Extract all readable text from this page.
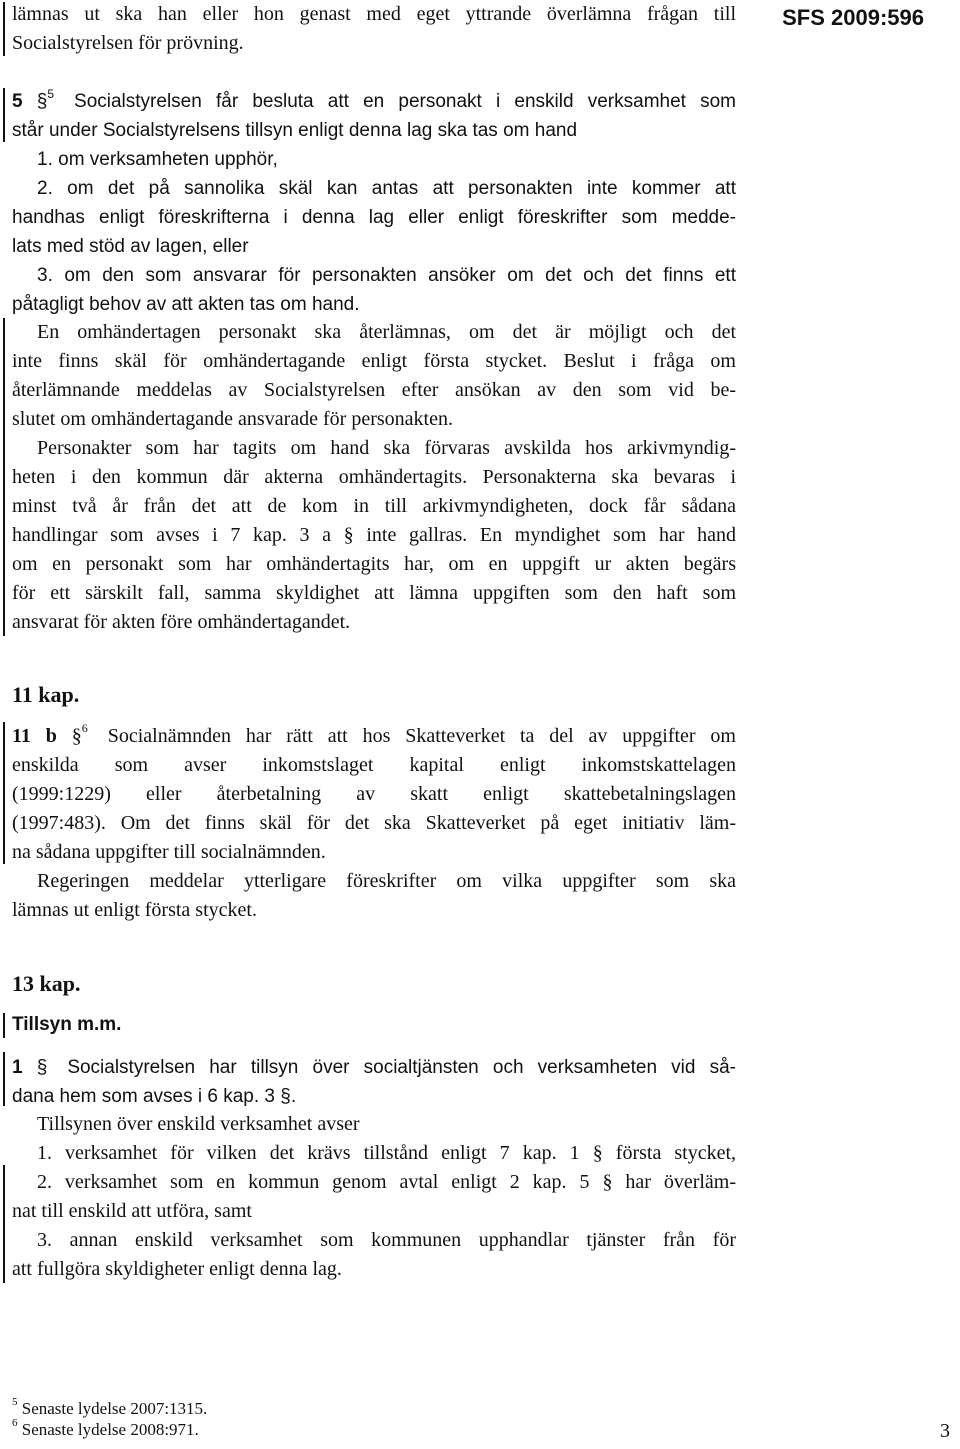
SFS 2009:596
lämnas ut ska han eller hon genast med eget yttrande överlämna frågan till
Socialstyrelsen för prövning.
5 §$^5$ Socialstyrelsen får besluta att en personakt i enskild verksamhet som
står under Socialstyrelsens tillsyn enligt denna lag ska tas om hand
1. om verksamheten upphör,
2. om det på sannolika skäl kan antas att personakten inte kommer att
handhas enligt föreskrifterna i denna lag eller enligt föreskrifter som medde-
lats med stöd av lagen, eller
3. om den som ansvarar för personakten ansöker om det och det finns ett
påtagligt behov av att akten tas om hand.
En omhändertagen personakt ska återlämnas, om det är möjligt och det
inte finns skäl för omhändertagande enligt första stycket. Beslut i fråga om
återlämnande meddelas av Socialstyrelsen efter ansökan av den som vid be-
slutet om omhändertagande ansvarade för personakten.
Personakter som har tagits om hand ska förvaras avskilda hos arkivmyndig-
heten i den kommun där akterna omhändertagits. Personakterna ska bevaras i
minst två år från det att de kom in till arkivmyndigheten, dock får sådana
handlingar som avses i 7 kap. 3 a § inte gallras. En myndighet som har hand
om en personakt som har omhändertagits har, om en uppgift ur akten begärs
för ett särskilt fall, samma skyldighet att lämna uppgiften som den haft som
ansvarat för akten före omhändertagandet.
11 kap.
11 b §$^6$ Socialnämnden har rätt att hos Skatteverket ta del av uppgifter om
enskilda som avser inkomstslaget kapital enligt inkomstskattelagen
(1999:1229) eller återbetalning av skatt enligt skattebetalningslagen
(1997:483). Om det finns skäl för det ska Skatteverket på eget initiativ läm-
na sådana uppgifter till socialnämnden.
Regeringen meddelar ytterligare föreskrifter om vilka uppgifter som ska
lämnas ut enligt första stycket.
13 kap.
Tillsyn m.m.
1 § Socialstyrelsen har tillsyn över socialtjänsten och verksamheten vid så-
dana hem som avses i 6 kap. 3 §.
Tillsynen över enskild verksamhet avser
1. verksamhet för vilken det krävs tillstånd enligt 7 kap. 1 § första stycket,
2. verksamhet som en kommun genom avtal enligt 2 kap. 5 § har överläm-
nat till enskild att utföra, samt
3. annan enskild verksamhet som kommunen upphandlar tjänster från för
att fullgöra skyldigheter enligt denna lag.
$^5$ Senaste lydelse 2007:1315.
$^6$ Senaste lydelse 2008:971.	3
